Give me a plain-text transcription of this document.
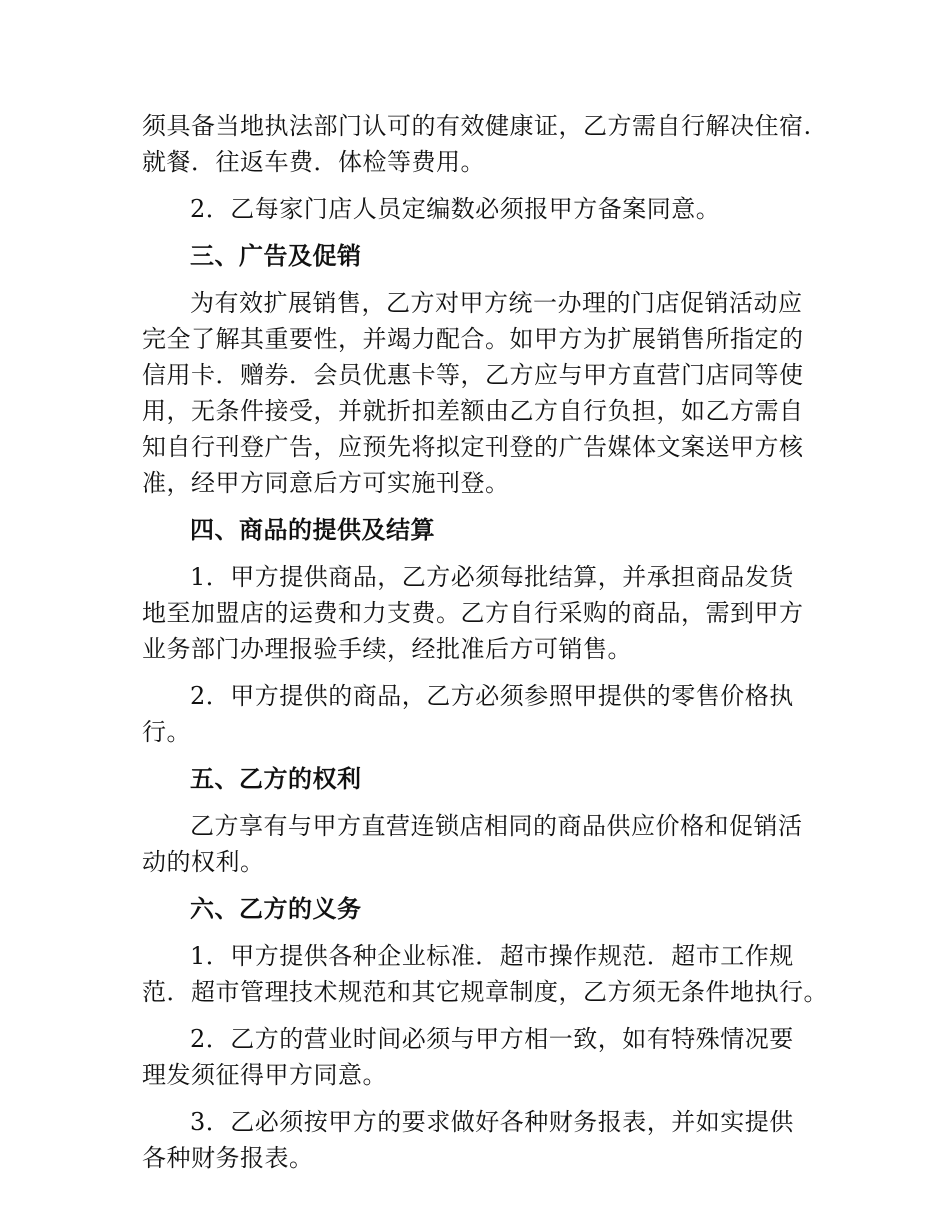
须具备当地执法部门认可的有效健康证，乙方需自行解决住宿.
就餐．往返车费．体检等费用。
2．乙每家门店人员定编数必须报甲方备案同意。
三、广告及促销
为有效扩展销售，乙方对甲方统一办理的门店促销活动应
完全了解其重要性，并竭力配合。如甲方为扩展销售所指定的
信用卡．赠券．会员优惠卡等，乙方应与甲方直营门店同等使
用，无条件接受，并就折扣差额由乙方自行负担，如乙方需自
知自行刊登广告，应预先将拟定刊登的广告媒体文案送甲方核
准，经甲方同意后方可实施刊登。
四、商品的提供及结算
1．甲方提供商品，乙方必须每批结算，并承担商品发货
地至加盟店的运费和力支费。乙方自行采购的商品，需到甲方
业务部门办理报验手续，经批准后方可销售。
2．甲方提供的商品，乙方必须参照甲提供的零售价格执
行。
五、乙方的权利
乙方享有与甲方直营连锁店相同的商品供应价格和促销活
动的权利。
六、乙方的义务
1．甲方提供各种企业标准．超市操作规范．超市工作规
范．超市管理技术规范和其它规章制度，乙方须无条件地执行。
2．乙方的营业时间必须与甲方相一致，如有特殊情况要
理发须征得甲方同意。
3．乙必须按甲方的要求做好各种财务报表，并如实提供
各种财务报表。
